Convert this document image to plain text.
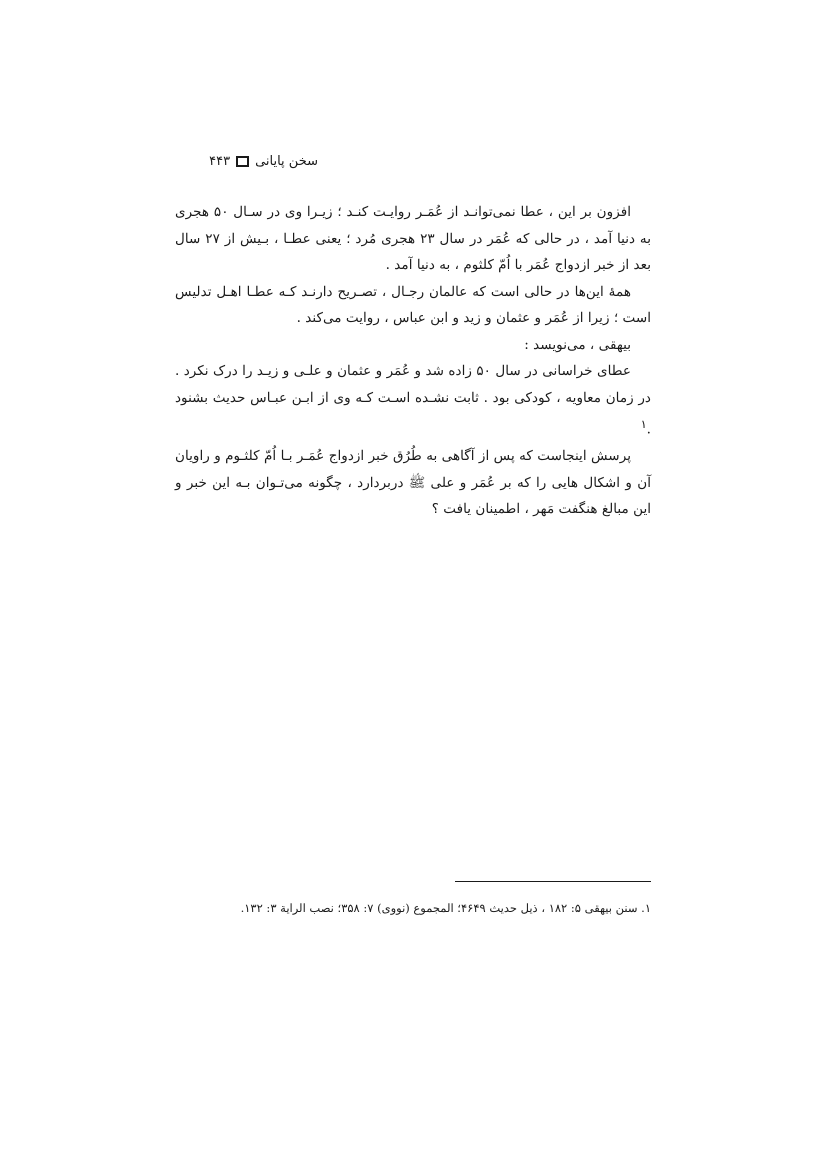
سخن پایانی
۴۴۳

افزون بر این ، عطا نمی‌توانـد از عُمَـر روایـت کنـد ؛ زیـرا وی در سـال ۵۰ هجری به دنیا آمد ، در حالی که عُمَر در سال ۲۳ هجری مُرد ؛ یعنی عطـا ، بـیش از ۲۷ سال بعد از خبر ازدواج عُمَر با اُمّ کلثوم ، به دنیا آمد .

همهٔ این‌ها در حالی است که عالمان رجـال ، تصـریح دارنـد کـه عطـا اهـل تدلیس است ؛ زیرا از عُمَر و عثمان و زید و ابن عباس ، روایت می‌کند .

بیهقی ، می‌نویسد :

عطای خراسانی در سال ۵۰ زاده شد و عُمَر و عثمان و علـی و زیـد را درک نکرد . در زمان معاویه ، کودکی بود . ثابت نشـده اسـت کـه وی از ابـن عبـاس حدیث بشنود .$^۱$

پرسش اینجاست که پس از آگاهی به طُرُق خبر ازدواج عُمَـر بـا اُمّ کلثـوم و راویان آن و اشکال هایی را که بر عُمَر و علی ﷺ دربردارد ، چگونه می‌تـوان بـه این خبر و این مبالغ هنگفت مَهر ، اطمینان یافت ؟

۱. سنن بیهقی ۵: ۱۸۲ ، ذیل حدیث ۴۶۴۹؛ المجموع (نووی) ۷: ۳۵۸؛ نصب الرایة ۳: ۱۳۲.
